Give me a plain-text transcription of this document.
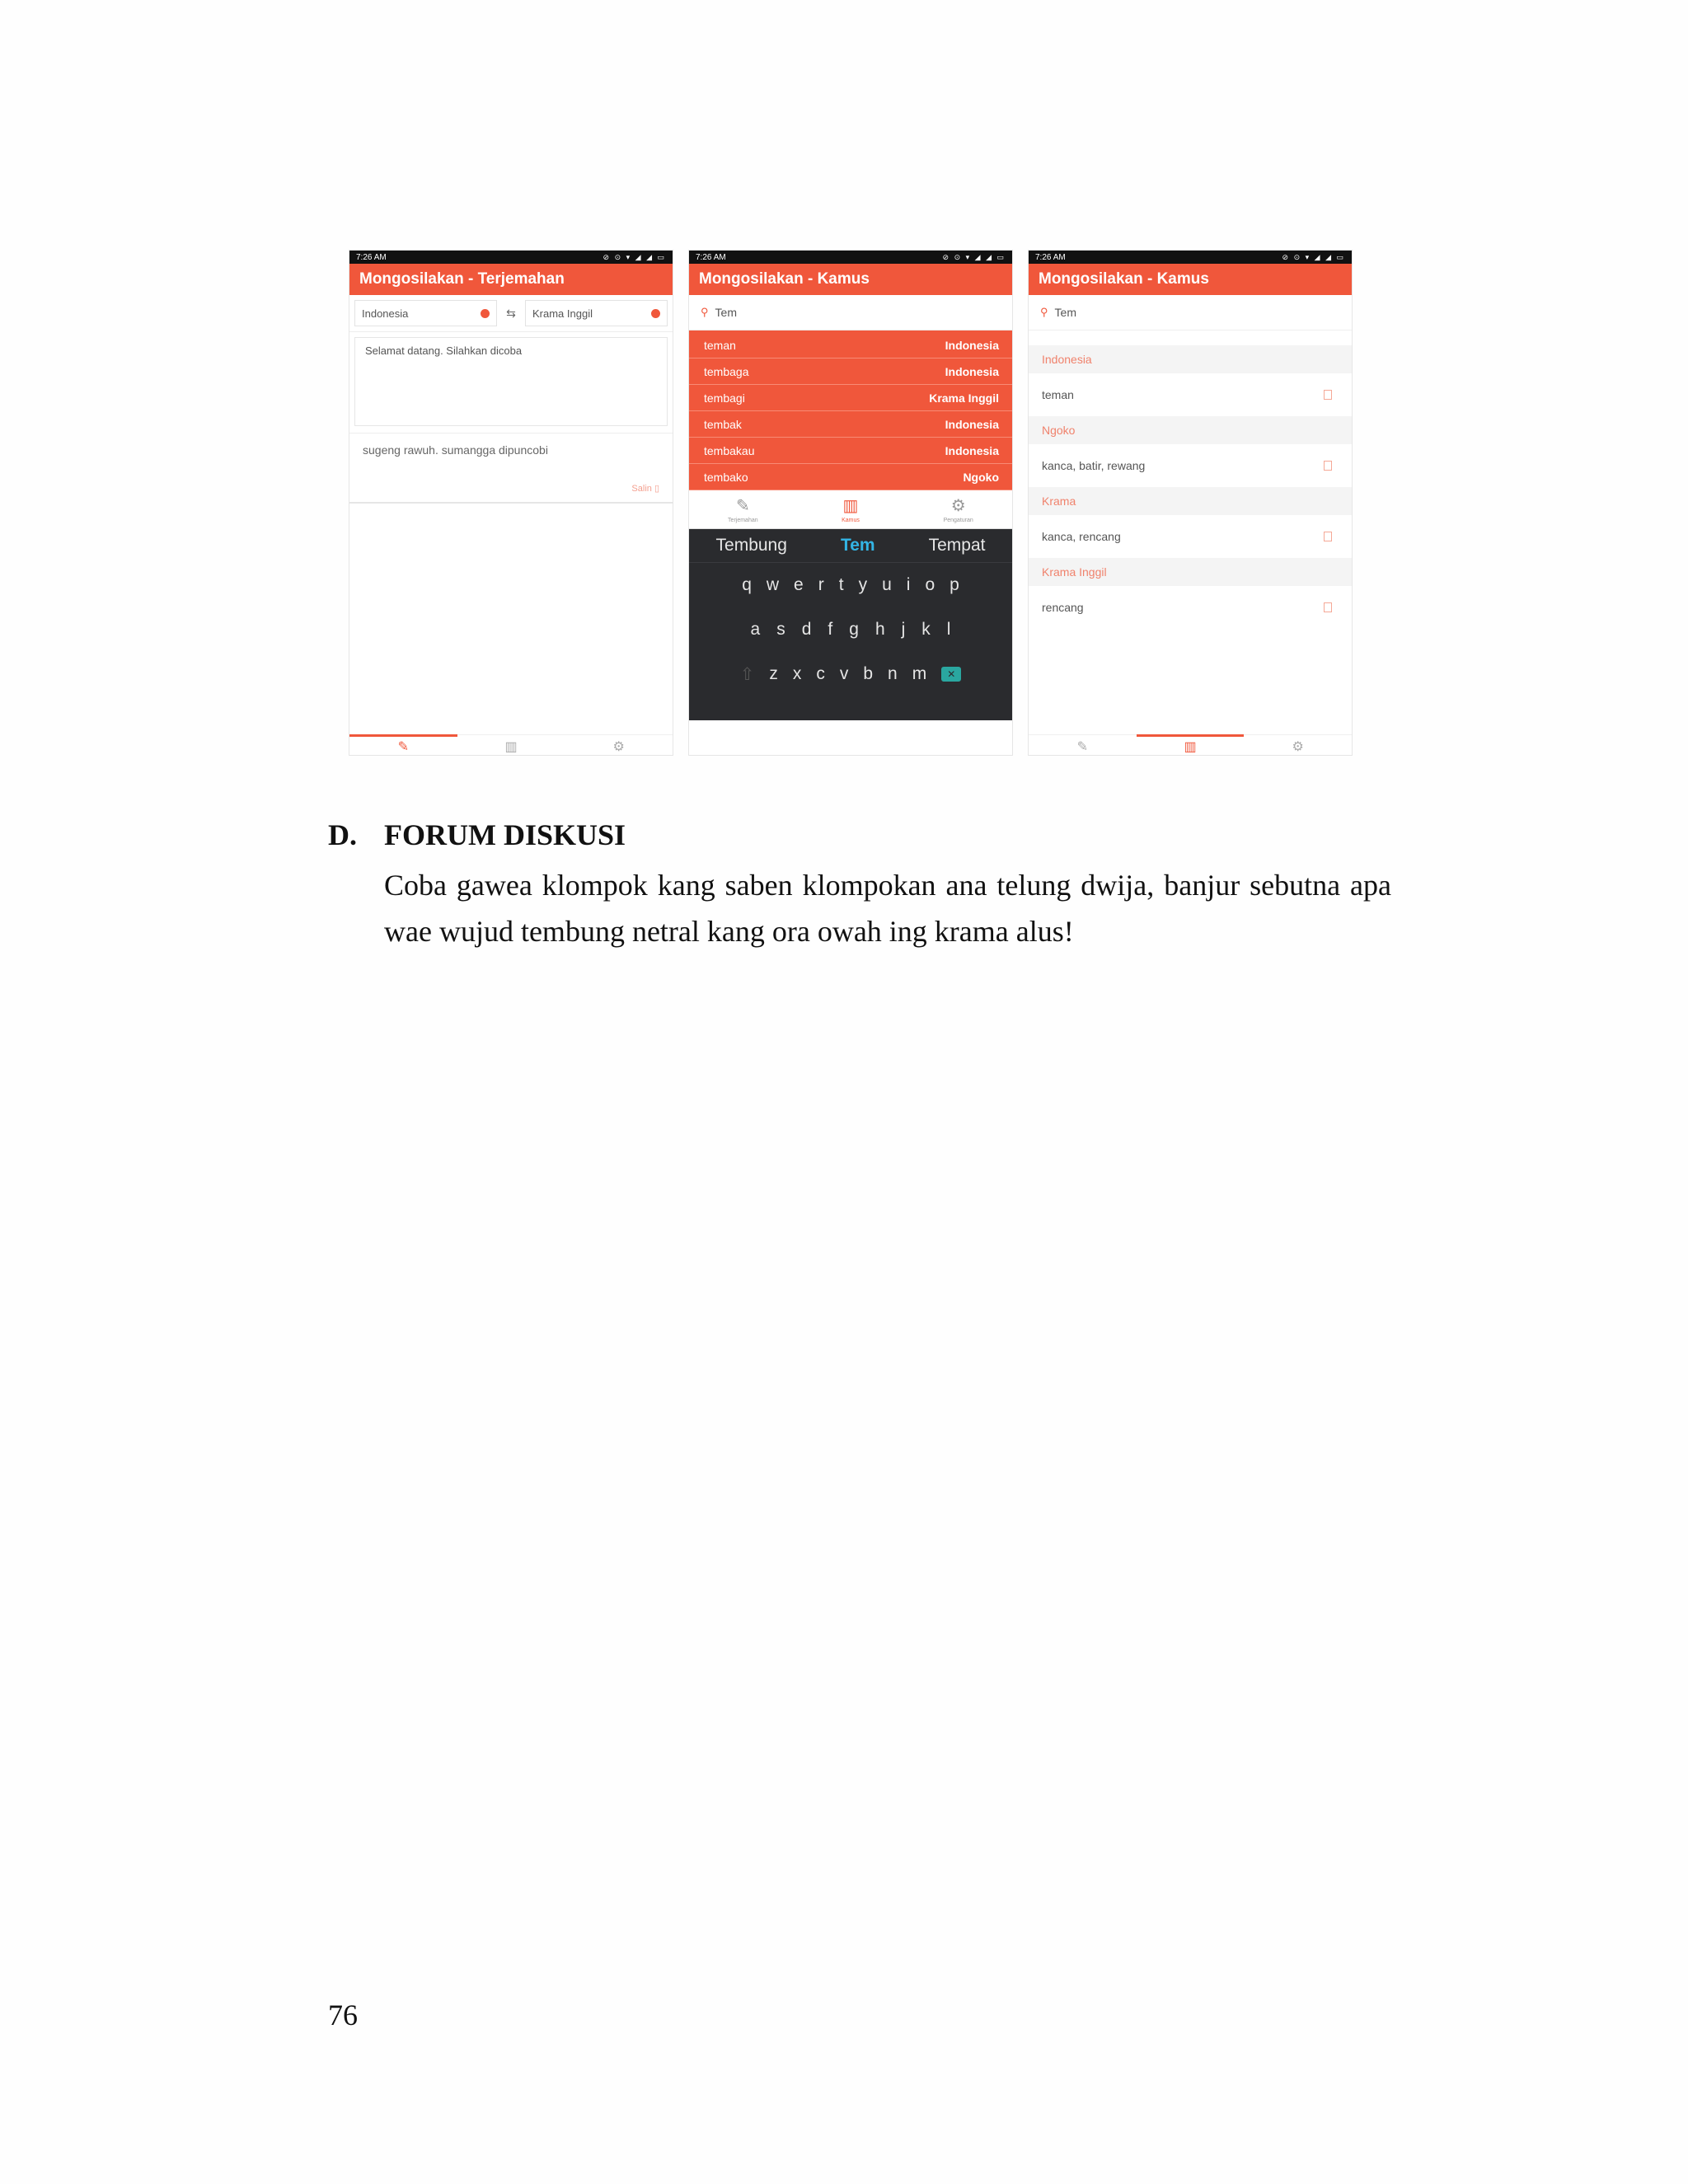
7:26 AM	⊘ ⊙ ▾ ◢ ◢ ▭
Mongosilakan - Terjemahan
Indonesia	⇆	Krama Inggil
Selamat datang. Silahkan dicoba
sugeng rawuh. sumangga dipuncobi
Salin ▯
✎	▥	⚙
7:26 AM	⊘ ⊙ ▾ ◢ ◢ ▭
Mongosilakan - Kamus
⚲ Tem
teman	Indonesia
tembaga	Indonesia
tembagi	Krama Inggil
tembak	Indonesia
tembakau	Indonesia
tembako	Ngoko
✎
Terjemahan
▥
Kamus
⚙
Pengaturan
Tembung	Tem	Tempat
q w e r t y u i o p
a s d f g h j k l
⇧ z x c v b n m	✕
7:26 AM	⊘ ⊙ ▾ ◢ ◢ ▭
Mongosilakan - Kamus
⚲ Tem
Indonesia
teman
Ngoko
kanca, batir, rewang
Krama
kanca, rencang
Krama Inggil
rencang
✎	▥	⚙
D. FORUM DISKUSI

Coba gawea klompok kang saben klompokan ana telung dwija, banjur sebutna apa wae wujud tembung netral kang ora owah ing krama alus!

76
